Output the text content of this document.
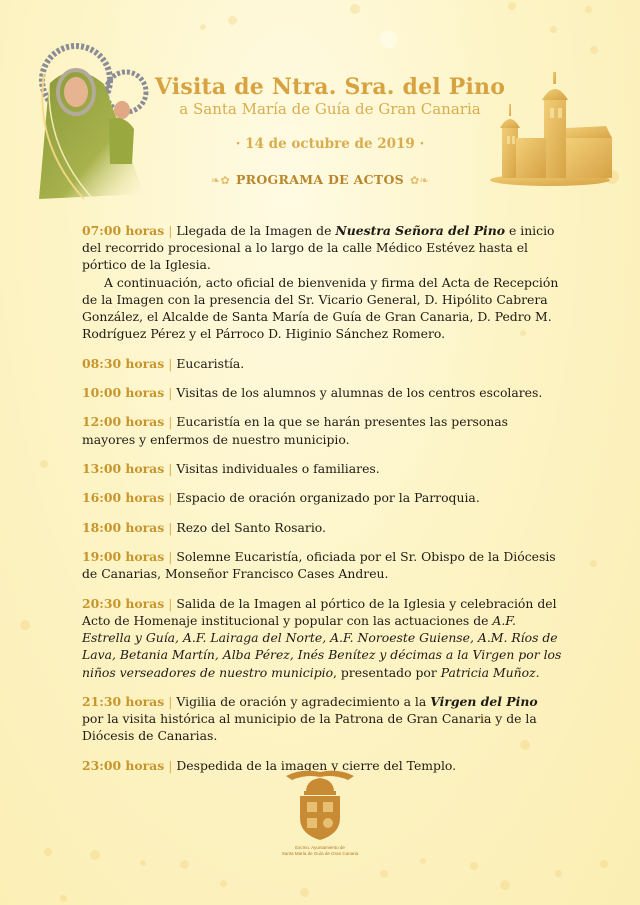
Visita de Ntra. Sra. del Pino

a Santa María de Guía de Gran Canaria

· 14 de octubre de 2019 ·
❧✿ PROGRAMA DE ACTOS ✿❧

07:00 horas | Llegada de la Imagen de Nuestra Señora del Pino e inicio del recorrido procesional a lo largo de la calle Médico Estévez hasta el pórtico de la Iglesia.

A continuación, acto oficial de bienvenida y firma del Acta de Recepción de la Imagen con la presencia del Sr. Vicario General, D. Hipólito Cabrera González, el Alcalde de Santa María de Guía de Gran Canaria, D. Pedro M. Rodríguez Pérez y el Párroco D. Higinio Sánchez Romero.

08:30 horas | Eucaristía.

10:00 horas | Visitas de los alumnos y alumnas de los centros escolares.

12:00 horas | Eucaristía en la que se harán presentes las personas mayores y enfermos de nuestro municipio.

13:00 horas | Visitas individuales o familiares.

16:00 horas | Espacio de oración organizado por la Parroquia.

18:00 horas | Rezo del Santo Rosario.

19:00 horas | Solemne Eucaristía, oficiada por el Sr. Obispo de la Diócesis de Canarias, Monseñor Francisco Cases Andreu.

20:30 horas | Salida de la Imagen al pórtico de la Iglesia y celebración del Acto de Homenaje institucional y popular con las actuaciones de A.F. Estrella y Guía, A.F. Lairaga del Norte, A.F. Noroeste Guiense, A.M. Ríos de Lava, Betania Martín, Alba Pérez, Inés Benítez y décimas a la Virgen por los niños verseadores de nuestro municipio, presentado por Patricia Muñoz.

21:30 horas | Vigilia de oración y agradecimiento a la Virgen del Pino por la visita histórica al municipio de la Patrona de Gran Canaria y de la Diócesis de Canarias.

23:00 horas | Despedida de la imagen y cierre del Templo.

Excmo. Ayuntamiento de
Santa María de Guía de Gran Canaria
